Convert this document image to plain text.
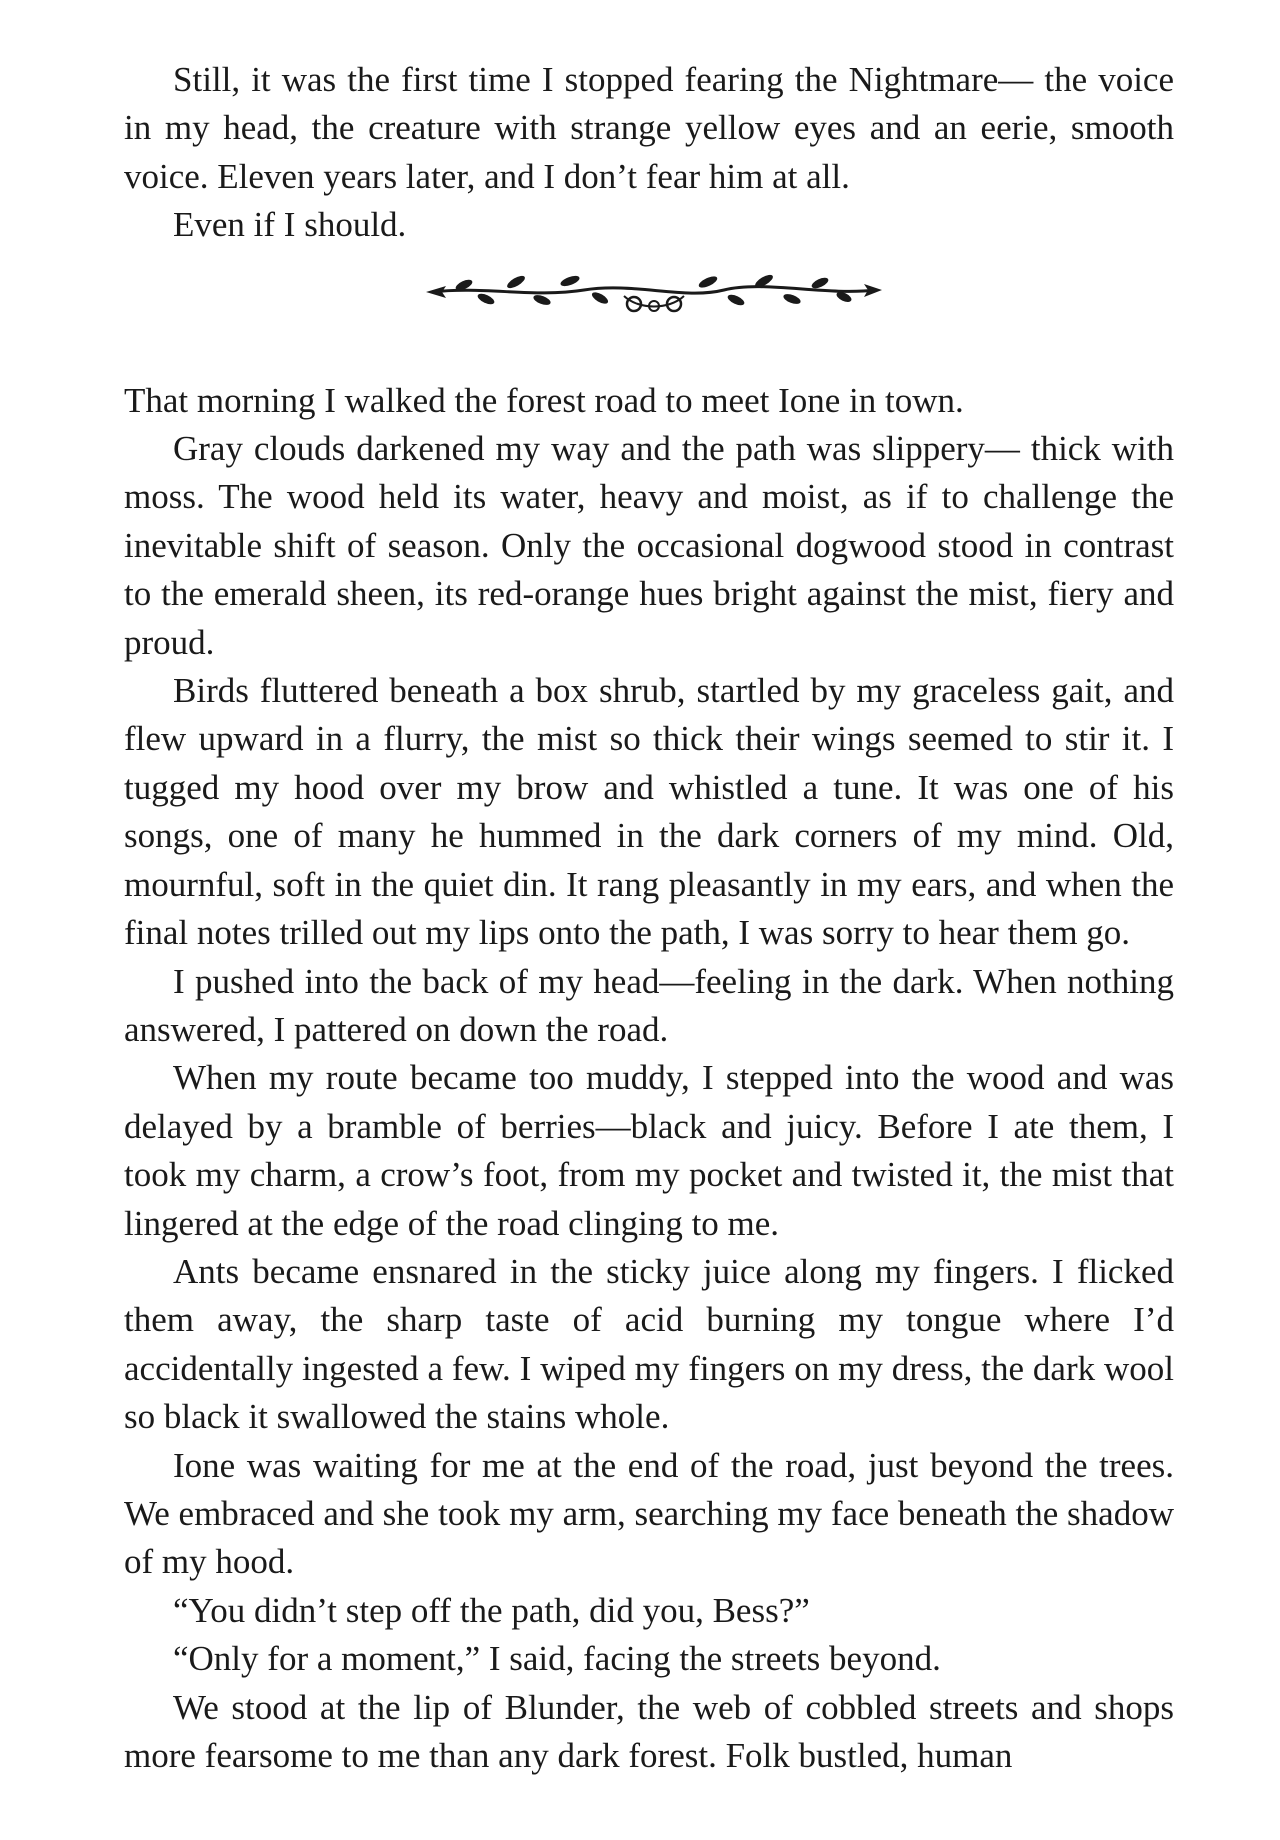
Still, it was the first time I stopped fearing the Nightmare— the voice in my head, the creature with strange yellow eyes and an eerie, smooth voice. Eleven years later, and I don’t fear him at all.

Even if I should.

That morning I walked the forest road to meet Ione in town.

Gray clouds darkened my way and the path was slippery— thick with moss. The wood held its water, heavy and moist, as if to challenge the inevitable shift of season. Only the occasional dogwood stood in contrast to the emerald sheen, its red-orange hues bright against the mist, fiery and proud.

Birds fluttered beneath a box shrub, startled by my graceless gait, and flew upward in a flurry, the mist so thick their wings seemed to stir it. I tugged my hood over my brow and whistled a tune. It was one of his songs, one of many he hummed in the dark corners of my mind. Old, mournful, soft in the quiet din. It rang pleasantly in my ears, and when the final notes trilled out my lips onto the path, I was sorry to hear them go.

I pushed into the back of my head—feeling in the dark. When nothing answered, I pattered on down the road.

When my route became too muddy, I stepped into the wood and was delayed by a bramble of berries—black and juicy. Before I ate them, I took my charm, a crow’s foot, from my pocket and twisted it, the mist that lingered at the edge of the road clinging to me.

Ants became ensnared in the sticky juice along my fingers. I flicked them away, the sharp taste of acid burning my tongue where I’d accidentally ingested a few. I wiped my fingers on my dress, the dark wool so black it swallowed the stains whole.

Ione was waiting for me at the end of the road, just beyond the trees. We embraced and she took my arm, searching my face beneath the shadow of my hood.

“You didn’t step off the path, did you, Bess?”

“Only for a moment,” I said, facing the streets beyond.

We stood at the lip of Blunder, the web of cobbled streets and shops more fearsome to me than any dark forest. Folk bustled, human
